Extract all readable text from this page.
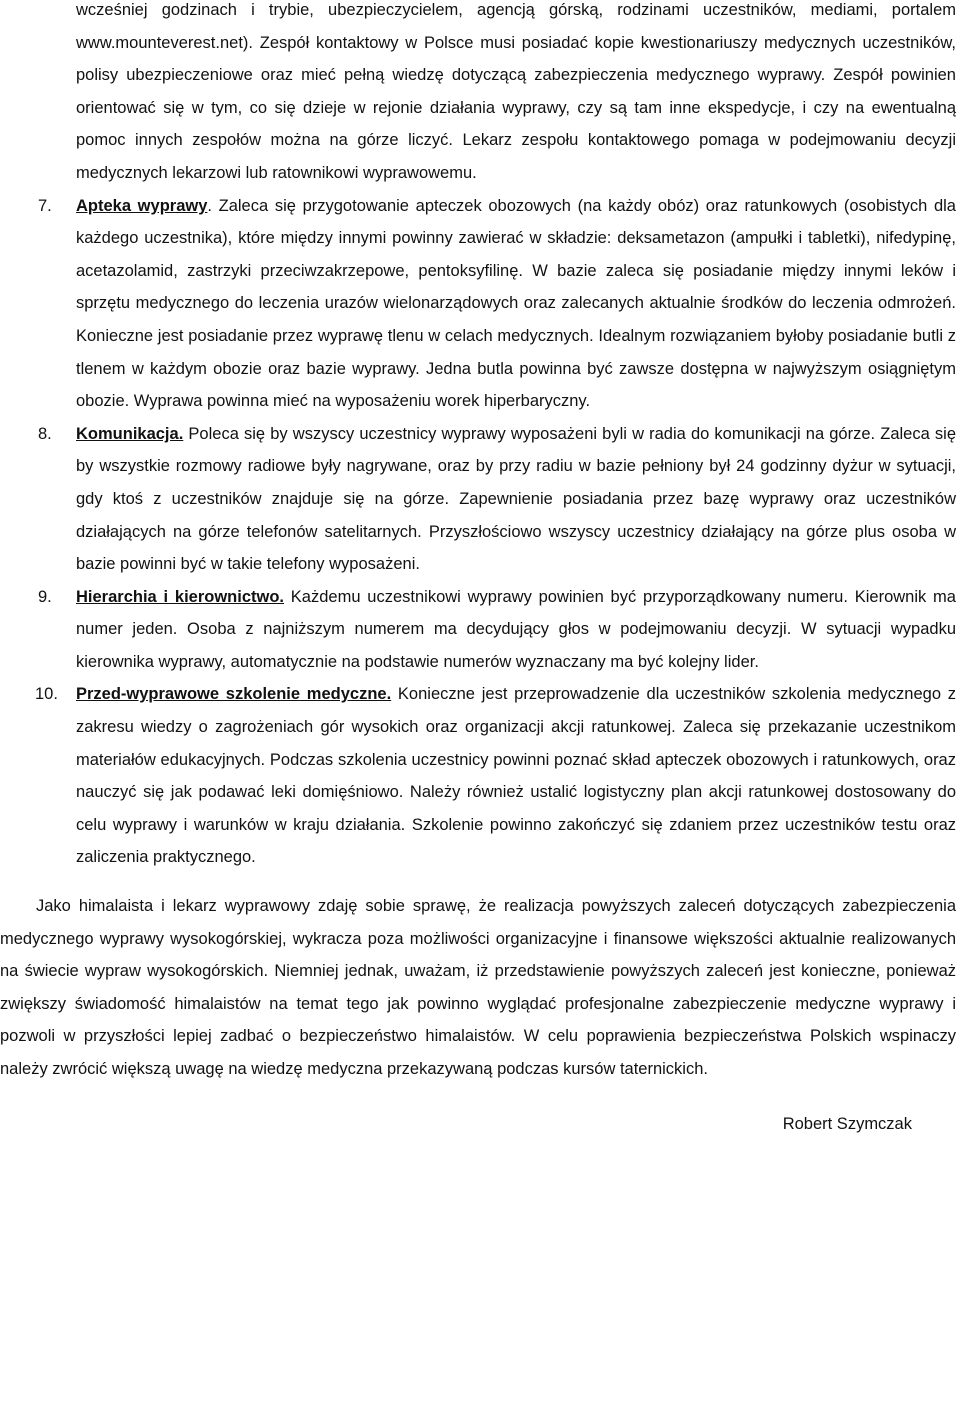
wcześniej godzinach i trybie, ubezpieczycielem, agencją górską, rodzinami uczestników, mediami, portalem www.mounteverest.net). Zespół kontaktowy w Polsce musi posiadać kopie kwestionariuszy medycznych uczestników, polisy ubezpieczeniowe oraz mieć pełną wiedzę dotyczącą zabezpieczenia medycznego wyprawy. Zespół powinien orientować się w tym, co się dzieje w rejonie działania wyprawy, czy są tam inne ekspedycje, i czy na ewentualną pomoc innych zespołów można na górze liczyć. Lekarz zespołu kontaktowego pomaga w podejmowaniu decyzji medycznych lekarzowi lub ratownikowi wyprawowemu.
7. Apteka wyprawy. Zaleca się przygotowanie apteczek obozowych (na każdy obóz) oraz ratunkowych (osobistych dla każdego uczestnika), które między innymi powinny zawierać w składzie: deksametazon (ampułki i tabletki), nifedypinę, acetazolamid, zastrzyki przeciwzakrzepowe, pentoksyfilinę. W bazie zaleca się posiadanie między innymi leków i sprzętu medycznego do leczenia urazów wielonarządowych oraz zalecanych aktualnie środków do leczenia odmrożeń. Konieczne jest posiadanie przez wyprawę tlenu w celach medycznych. Idealnym rozwiązaniem byłoby posiadanie butli z tlenem w każdym obozie oraz bazie wyprawy. Jedna butla powinna być zawsze dostępna w najwyższym osiągniętym obozie. Wyprawa powinna mieć na wyposażeniu worek hiperbaryczny.
8. Komunikacja. Poleca się by wszyscy uczestnicy wyprawy wyposażeni byli w radia do komunikacji na górze. Zaleca się by wszystkie rozmowy radiowe były nagrywane, oraz by przy radiu w bazie pełniony był 24 godzinny dyżur w sytuacji, gdy ktoś z uczestników znajduje się na górze. Zapewnienie posiadania przez bazę wyprawy oraz uczestników działających na górze telefonów satelitarnych. Przyszłościowo wszyscy uczestnicy działający na górze plus osoba w bazie powinni być w takie telefony wyposażeni.
9. Hierarchia i kierownictwo. Każdemu uczestnikowi wyprawy powinien być przyporządkowany numeru. Kierownik ma numer jeden. Osoba z najniższym numerem ma decydujący głos w podejmowaniu decyzji. W sytuacji wypadku kierownika wyprawy, automatycznie na podstawie numerów wyznaczany ma być kolejny lider.
10. Przed-wyprawowe szkolenie medyczne. Konieczne jest przeprowadzenie dla uczestników szkolenia medycznego z zakresu wiedzy o zagrożeniach gór wysokich oraz organizacji akcji ratunkowej. Zaleca się przekazanie uczestnikom materiałów edukacyjnych. Podczas szkolenia uczestnicy powinni poznać skład apteczek obozowych i ratunkowych, oraz nauczyć się jak podawać leki domięśniowo. Należy również ustalić logistyczny plan akcji ratunkowej dostosowany do celu wyprawy i warunków w kraju działania. Szkolenie powinno zakończyć się zdaniem przez uczestników testu oraz zaliczenia praktycznego.
Jako himalaista i lekarz wyprawowy zdaję sobie sprawę, że realizacja powyższych zaleceń dotyczących zabezpieczenia medycznego wyprawy wysokogórskiej, wykracza poza możliwości organizacyjne i finansowe większości aktualnie realizowanych na świecie wypraw wysokogórskich. Niemniej jednak, uważam, iż przedstawienie powyższych zaleceń jest konieczne, ponieważ zwiększy świadomość himalaistów na temat tego jak powinno wyglądać profesjonalne zabezpieczenie medyczne wyprawy i pozwoli w przyszłości lepiej zadbać o bezpieczeństwo himalaistów. W celu poprawienia bezpieczeństwa Polskich wspinaczy należy zwrócić większą uwagę na wiedzę medyczna przekazywaną podczas kursów taternickich.
Robert Szymczak
